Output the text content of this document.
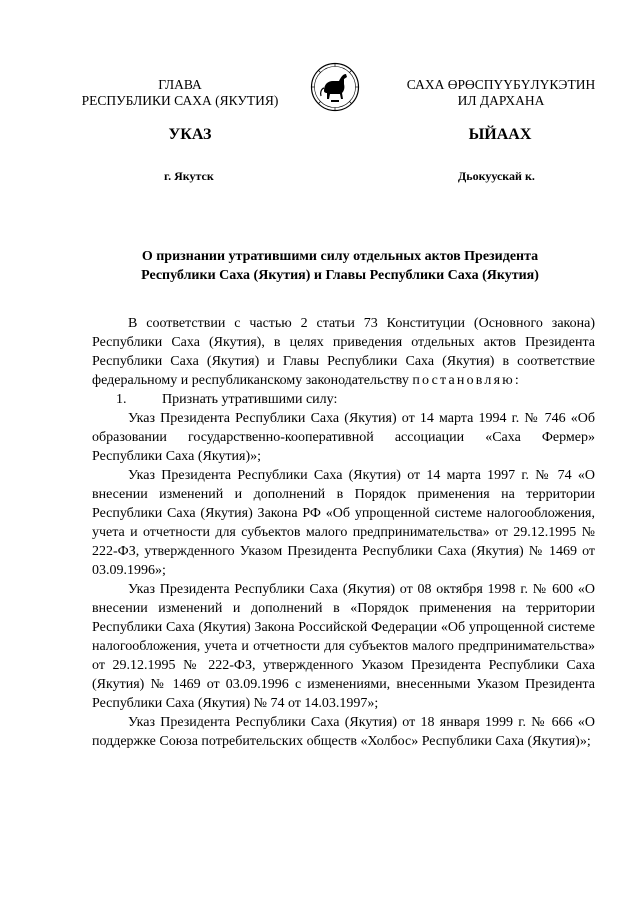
ГЛАВА
РЕСПУБЛИКИ САХА (ЯКУТИЯ)
САХА ӨРӨСПҮҮБҮЛҮКЭТИН
ИЛ ДАРХАНА
УКАЗ	ЫЙААХ
г. Якутск	Дьокуускай к.
О признании утратившими силу отдельных актов Президента
Республики Саха (Якутия) и Главы Республики Саха (Якутия)

В соответствии с частью 2 статьи 73 Конституции (Основного закона) Республики Саха (Якутия), в целях приведения отдельных актов Президента Республики Саха (Якутия) и Главы Республики Саха (Якутия) в соответствие федеральному и республиканскому законодательству постановляю:

1.	Признать утратившими силу:

Указ Президента Республики Саха (Якутия) от 14 марта 1994 г. № 746 «Об образовании государственно-кооперативной ассоциации «Саха Фермер» Республики Саха (Якутия)»;

Указ Президента Республики Саха (Якутия) от 14 марта 1997 г. № 74 «О внесении изменений и дополнений в Порядок применения на территории Республики Саха (Якутия) Закона РФ «Об упрощенной системе налогообложения, учета и отчетности для субъектов малого предпринимательства» от 29.12.1995 № 222-ФЗ, утвержденного Указом Президента Республики Саха (Якутия) № 1469 от 03.09.1996»;

Указ Президента Республики Саха (Якутия) от 08 октября 1998 г. № 600 «О внесении изменений и дополнений в «Порядок применения на территории Республики Саха (Якутия) Закона Российской Федерации «Об упрощенной системе налогообложения, учета и отчетности для субъектов малого предпринимательства» от 29.12.1995 № 222-ФЗ, утвержденного Указом Президента Республики Саха (Якутия) № 1469 от 03.09.1996 с изменениями, внесенными Указом Президента Республики Саха (Якутия) № 74 от 14.03.1997»;

Указ Президента Республики Саха (Якутия) от 18 января 1999 г. № 666 «О поддержке Союза потребительских обществ «Холбос» Республики Саха (Якутия)»;
